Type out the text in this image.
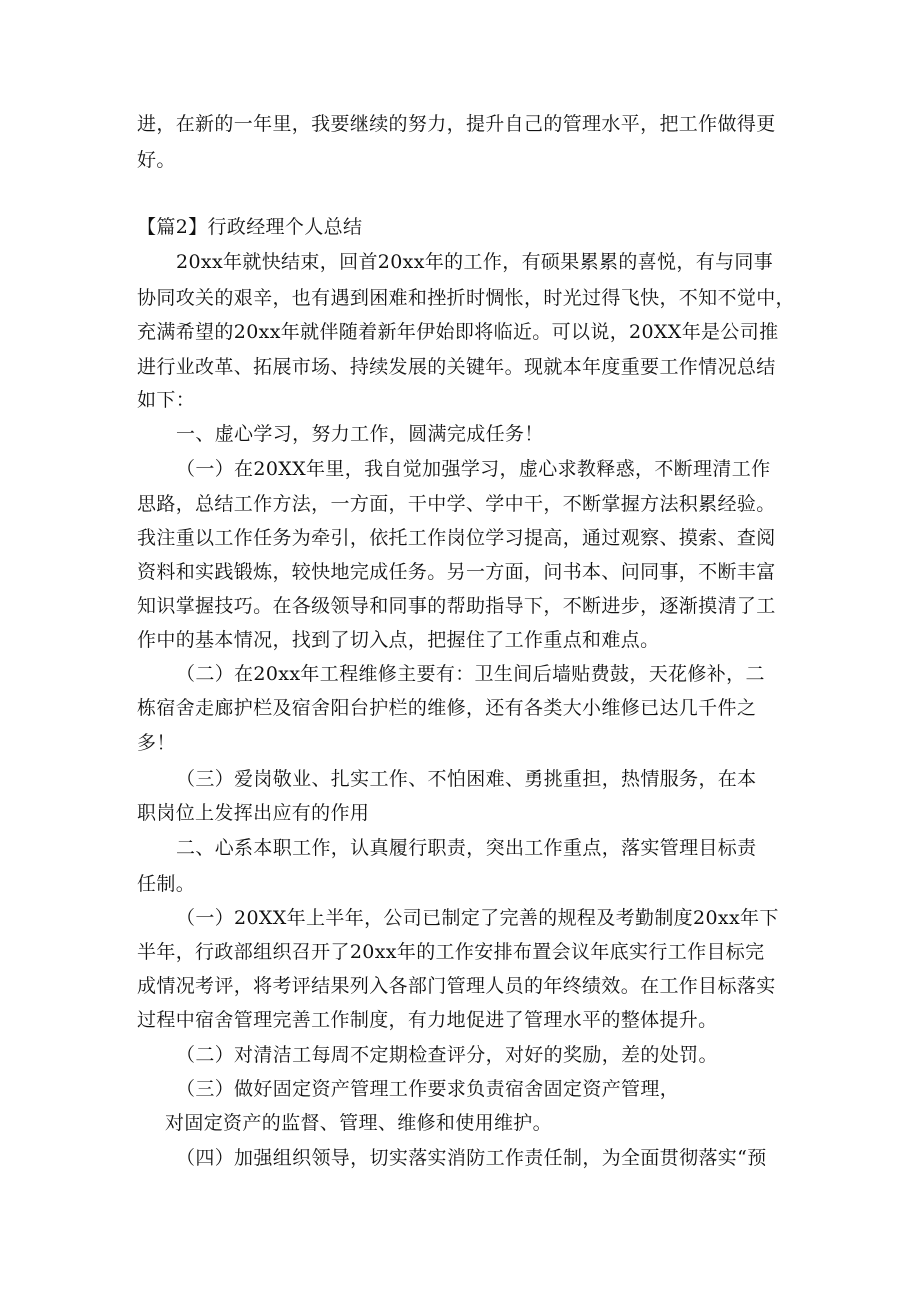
进，在新的一年里，我要继续的努力，提升自己的管理水平，把工作做得更

好。

【篇2】行政经理个人总结

20xx年就快结束，回首20xx年的工作，有硕果累累的喜悦，有与同事

协同攻关的艰辛，也有遇到困难和挫折时惆怅，时光过得飞快，不知不觉中，

充满希望的20xx年就伴随着新年伊始即将临近。可以说，20XX年是公司推

进行业改革、拓展市场、持续发展的关键年。现就本年度重要工作情况总结

如下：

一、虚心学习，努力工作，圆满完成任务！

（一）在20XX年里，我自觉加强学习，虚心求教释惑，不断理清工作

思路，总结工作方法，一方面，干中学、学中干，不断掌握方法积累经验。

我注重以工作任务为牵引，依托工作岗位学习提高，通过观察、摸索、查阅

资料和实践锻炼，较快地完成任务。另一方面，问书本、问同事，不断丰富

知识掌握技巧。在各级领导和同事的帮助指导下，不断进步，逐渐摸清了工

作中的基本情况，找到了切入点，把握住了工作重点和难点。

（二）在20xx年工程维修主要有：卫生间后墙贴费鼓，天花修补，二

栋宿舍走廊护栏及宿舍阳台护栏的维修，还有各类大小维修已达几千件之

多！

（三）爱岗敬业、扎实工作、不怕困难、勇挑重担，热情服务，在本

职岗位上发挥出应有的作用

二、心系本职工作，认真履行职责，突出工作重点，落实管理目标责

任制。

（一）20XX年上半年，公司已制定了完善的规程及考勤制度20xx年下

半年，行政部组织召开了20xx年的工作安排布置会议年底实行工作目标完

成情况考评，将考评结果列入各部门管理人员的年终绩效。在工作目标落实

过程中宿舍管理完善工作制度，有力地促进了管理水平的整体提升。

（二）对清洁工每周不定期检查评分，对好的奖励，差的处罚。

（三）做好固定资产管理工作要求负责宿舍固定资产管理，

对固定资产的监督、管理、维修和使用维护。

（四）加强组织领导，切实落实消防工作责任制，为全面贯彻落实“预
